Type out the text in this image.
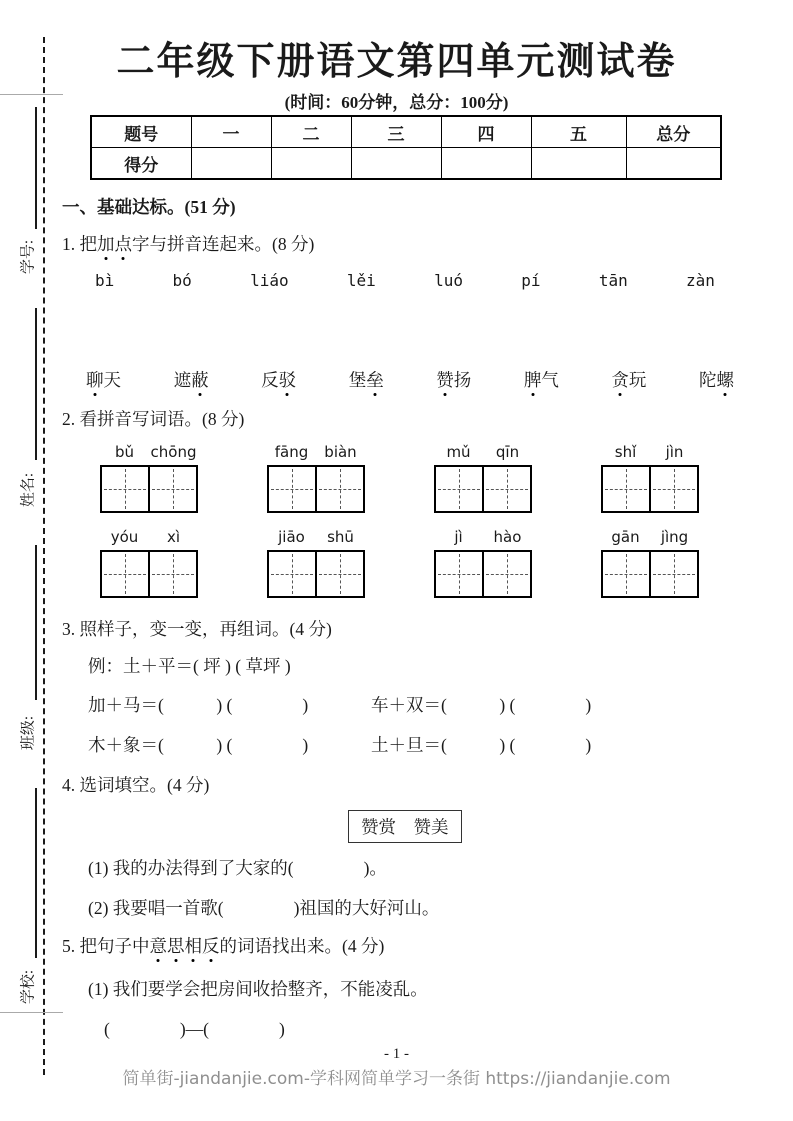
学号:
姓名:
班级:
学校:
二年级下册语文第四单元测试卷
(时间：60分钟，总分：100分)
题号	一	二	三	四	五	总分
得分						
一、基础达标。(51 分)
1. 把加点字与拼音连起来。(8 分)
bì	bó	liáo	lěi	luó	pí	tān	zàn
聊天	遮蔽	反驳	堡垒	赞扬	脾气	贪玩	陀螺
2. 看拼音写词语。(8 分)
bǔ	chōng	fāng	biàn	mǔ	qīn	shǐ	jìn
yóu	xì	jiāo	shū	jì	hào	gān	jìng
3. 照样子，变一变，再组词。(4 分)
例：土＋平＝( 坪 ) ( 草坪 )
加＋马＝(　　　) (　　　　)	车＋双＝(　　　) (　　　　)
木＋象＝(　　　) (　　　　)	土＋旦＝(　　　) (　　　　)
4. 选词填空。(4 分)
赞赏　赞美
(1) 我的办法得到了大家的(　　　　)。
(2) 我要唱一首歌(　　　　)祖国的大好河山。
5. 把句子中意思相反的词语找出来。(4 分)
(1) 我们要学会把房间收拾整齐，不能凌乱。
(　　　　)—(　　　　)
- 1 -
简单街-jiandanjie.com-学科网简单学习一条街 https://jiandanjie.com
